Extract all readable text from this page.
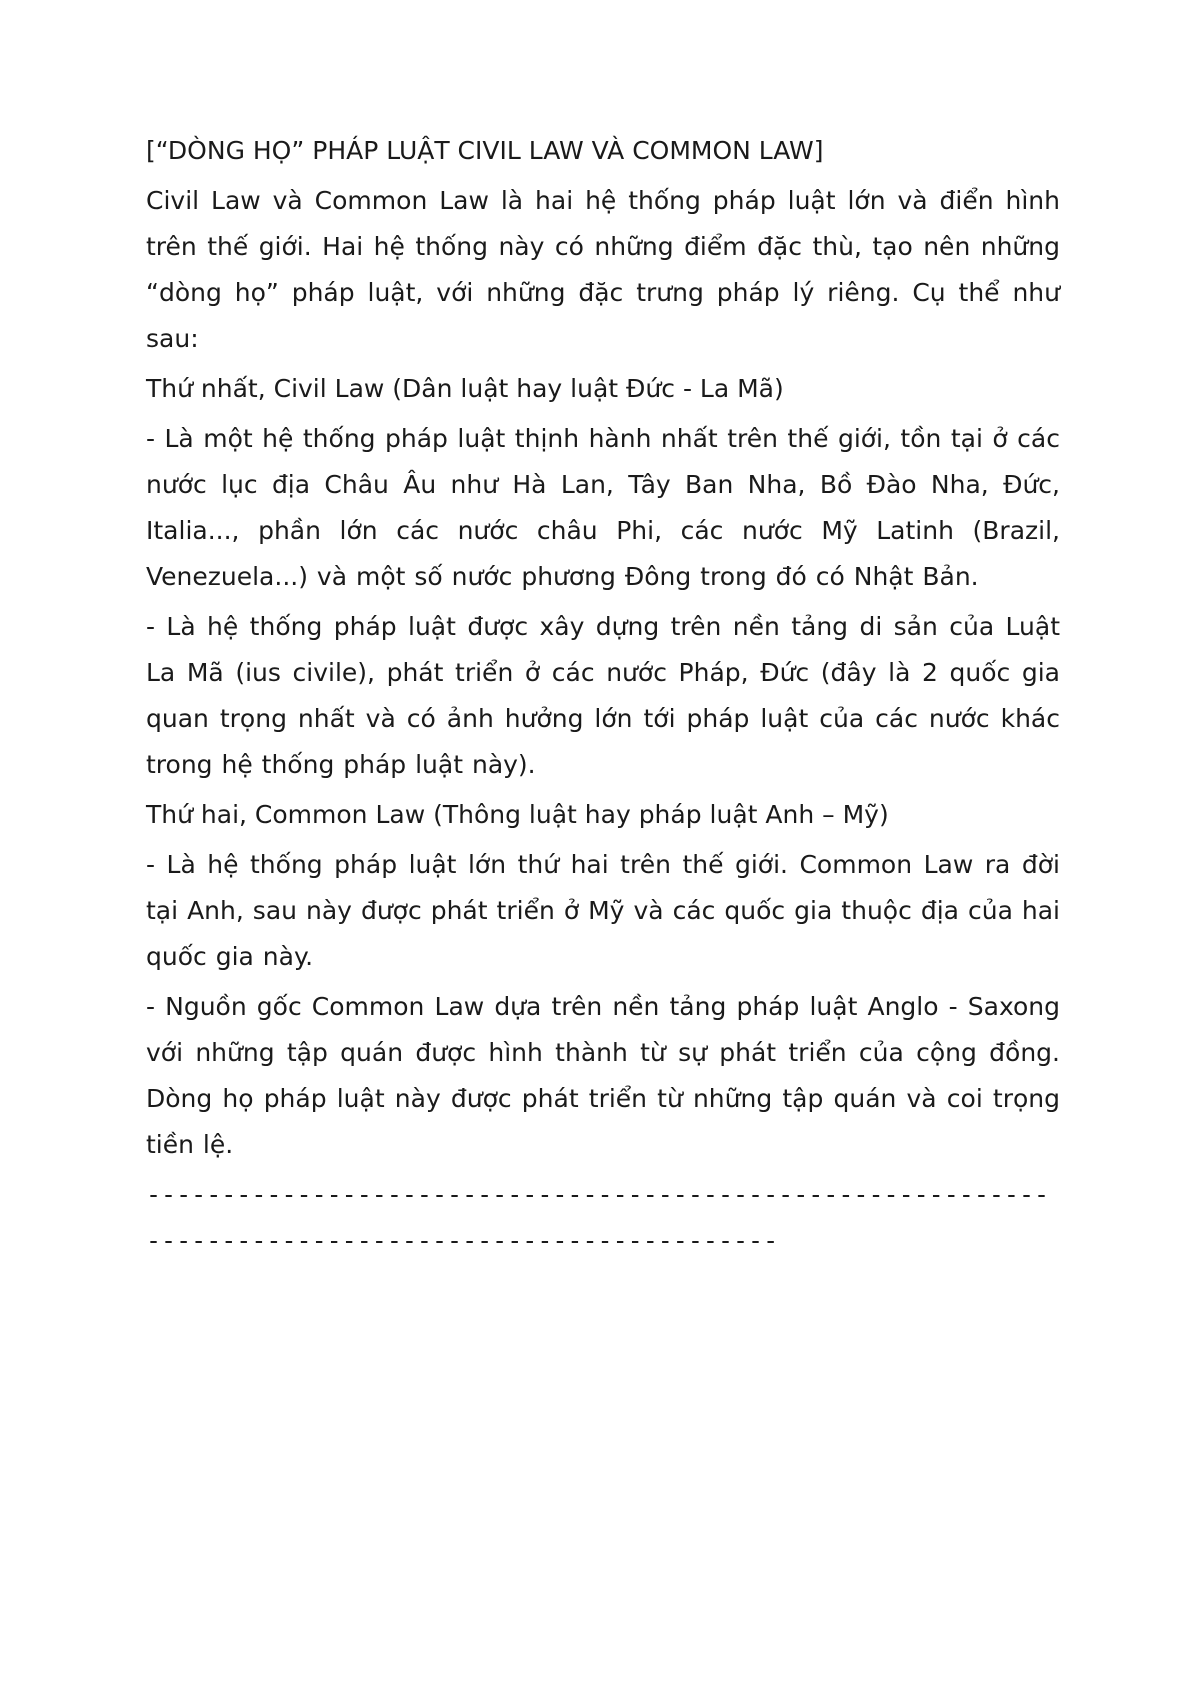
[“DÒNG HỌ” PHÁP LUẬT CIVIL LAW VÀ COMMON LAW]

Civil Law và Common Law là hai hệ thống pháp luật lớn và điển hình trên thế giới. Hai hệ thống này có những điểm đặc thù, tạo nên những “dòng họ” pháp luật, với những đặc trưng pháp lý riêng. Cụ thể như sau:

Thứ nhất, Civil Law (Dân luật hay luật Đức - La Mã)

- Là một hệ thống pháp luật thịnh hành nhất trên thế giới, tồn tại ở các nước lục địa Châu Âu như Hà Lan, Tây Ban Nha, Bồ Đào Nha, Đức, Italia..., phần lớn các nước châu Phi, các nước Mỹ Latinh (Brazil, Venezuela...) và một số nước phương Đông trong đó có Nhật Bản.

- Là hệ thống pháp luật được xây dựng trên nền tảng di sản của Luật La Mã (ius civile), phát triển ở các nước Pháp, Đức (đây là 2 quốc gia quan trọng nhất và có ảnh hưởng lớn tới pháp luật của các nước khác trong hệ thống pháp luật này).

Thứ hai, Common Law (Thông luật hay pháp luật Anh – Mỹ)

- Là hệ thống pháp luật lớn thứ hai trên thế giới. Common Law ra đời tại Anh, sau này được phát triển ở Mỹ và các quốc gia thuộc địa của hai quốc gia này.

- Nguồn gốc Common Law dựa trên nền tảng pháp luật Anglo - Saxong với những tập quán được hình thành từ sự phát triển của cộng đồng. Dòng họ pháp luật này được phát triển từ những tập quán và coi trọng tiền lệ.

------------------------------------------------------------------------------------------------------
